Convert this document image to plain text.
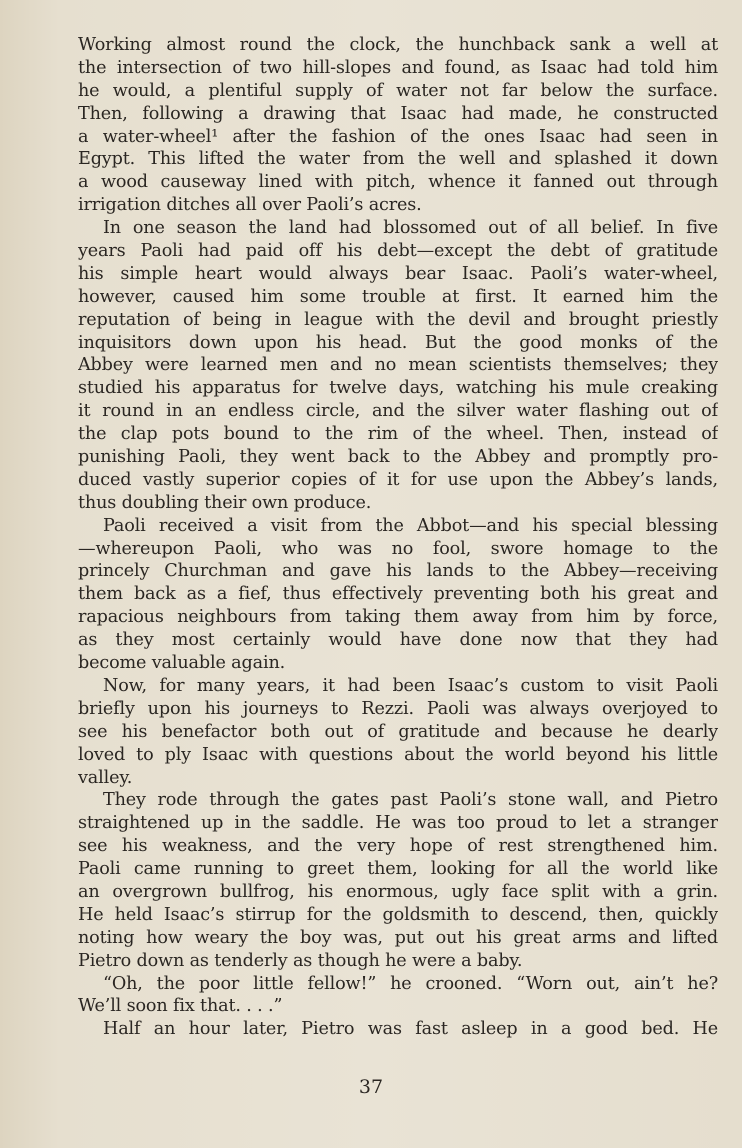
Working almost round the clock, the hunchback sank a well at
the intersection of two hill-slopes and found, as Isaac had told him
he would, a plentiful supply of water not far below the surface.
Then, following a drawing that Isaac had made, he constructed
a water-wheel¹ after the fashion of the ones Isaac had seen in
Egypt. This lifted the water from the well and splashed it down
a wood causeway lined with pitch, whence it fanned out through
irrigation ditches all over Paoli’s acres.
In one season the land had blossomed out of all belief. In five
years Paoli had paid off his debt—except the debt of gratitude
his simple heart would always bear Isaac. Paoli’s water-wheel,
however, caused him some trouble at first. It earned him the
reputation of being in league with the devil and brought priestly
inquisitors down upon his head. But the good monks of the
Abbey were learned men and no mean scientists themselves; they
studied his apparatus for twelve days, watching his mule creaking
it round in an endless circle, and the silver water flashing out of
the clap pots bound to the rim of the wheel. Then, instead of
punishing Paoli, they went back to the Abbey and promptly pro-
duced vastly superior copies of it for use upon the Abbey’s lands,
thus doubling their own produce.
Paoli received a visit from the Abbot—and his special blessing
—whereupon Paoli, who was no fool, swore homage to the
princely Churchman and gave his lands to the Abbey—receiving
them back as a fief, thus effectively preventing both his great and
rapacious neighbours from taking them away from him by force,
as they most certainly would have done now that they had
become valuable again.
Now, for many years, it had been Isaac’s custom to visit Paoli
briefly upon his journeys to Rezzi. Paoli was always overjoyed to
see his benefactor both out of gratitude and because he dearly
loved to ply Isaac with questions about the world beyond his little
valley.
They rode through the gates past Paoli’s stone wall, and Pietro
straightened up in the saddle. He was too proud to let a stranger
see his weakness, and the very hope of rest strengthened him.
Paoli came running to greet them, looking for all the world like
an overgrown bullfrog, his enormous, ugly face split with a grin.
He held Isaac’s stirrup for the goldsmith to descend, then, quickly
noting how weary the boy was, put out his great arms and lifted
Pietro down as tenderly as though he were a baby.
“Oh, the poor little fellow!” he crooned. “Worn out, ain’t he?
We’ll soon fix that. . . .”
Half an hour later, Pietro was fast asleep in a good bed. He
37
